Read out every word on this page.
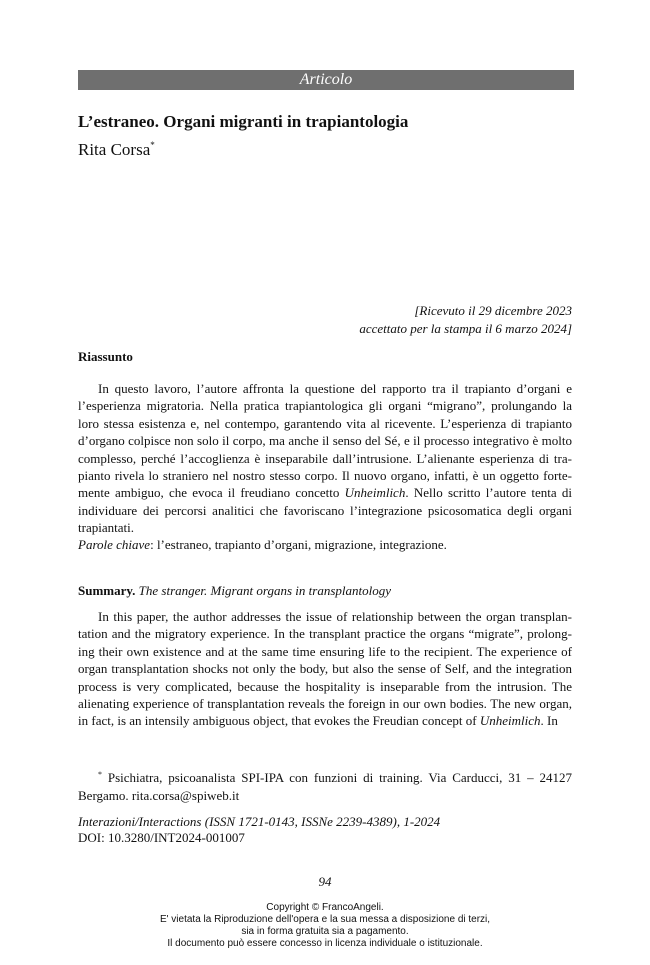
Articolo
L’estraneo. Organi migranti in trapiantologia
Rita Corsa*
[Ricevuto il 29 dicembre 2023
accettato per la stampa il 6 marzo 2024]
Riassunto
In questo lavoro, l’autore affronta la questione del rapporto tra il trapianto d’organi e l’esperienza migratoria. Nella pratica trapiantologica gli organi “migrano”, prolungando la loro stessa esistenza e, nel contempo, garantendo vita al ricevente. L’esperienza di trapianto d’organo colpisce non solo il corpo, ma anche il senso del Sé, e il processo integrativo è molto complesso, perché l’accoglienza è inseparabile dall’intrusione. L’alienante esperienza di trapianto rivela lo straniero nel nostro stesso corpo. Il nuovo organo, infatti, è un oggetto fortemente ambiguo, che evoca il freudiano concetto Unheimlich. Nello scritto l’autore tenta di individuare dei percorsi analitici che favoriscano l’integrazione psicosomatica degli organi trapiantati.
Parole chiave: l’estraneo, trapianto d’organi, migrazione, integrazione.
Summary. The stranger. Migrant organs in transplantology
In this paper, the author addresses the issue of relationship between the organ transplantation and the migratory experience. In the transplant practice the organs “migrate”, prolonging their own existence and at the same time ensuring life to the recipient. The experience of organ transplantation shocks not only the body, but also the sense of Self, and the integration process is very complicated, because the hospitality is inseparable from the intrusion. The alienating experience of transplantation reveals the foreign in our own bodies. The new organ, in fact, is an intensily ambiguous object, that evokes the Freudian concept of Unheimlich. In
* Psichiatra, psicoanalista SPI-IPA con funzioni di training. Via Carducci, 31 – 24127 Bergamo. rita.corsa@spiweb.it
Interazioni/Interactions (ISSN 1721-0143, ISSNe 2239-4389), 1-2024
DOI: 10.3280/INT2024-001007
94
Copyright © FrancoAngeli.
E' vietata la Riproduzione dell'opera e la sua messa a disposizione di terzi,
sia in forma gratuita sia a pagamento.
Il documento può essere concesso in licenza individuale o istituzionale.
